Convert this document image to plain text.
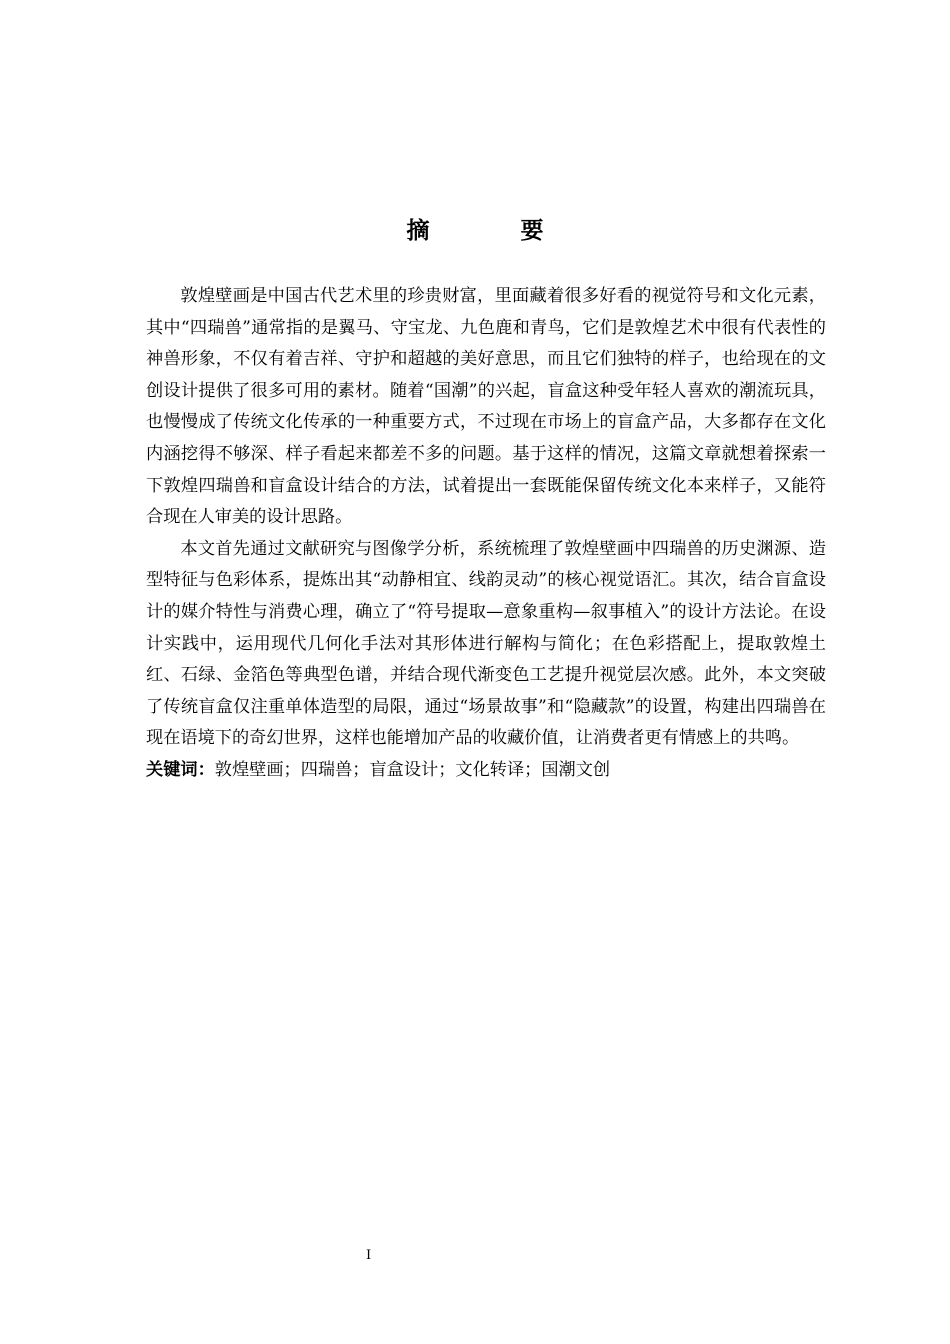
摘　要

敦煌壁画是中国古代艺术里的珍贵财富，里面藏着很多好看的视觉符号和文化元素，其中“四瑞兽”通常指的是翼马、守宝龙、九色鹿和青鸟，它们是敦煌艺术中很有代表性的神兽形象，不仅有着吉祥、守护和超越的美好意思，而且它们独特的样子，也给现在的文创设计提供了很多可用的素材。随着“国潮”的兴起，盲盒这种受年轻人喜欢的潮流玩具，也慢慢成了传统文化传承的一种重要方式，不过现在市场上的盲盒产品，大多都存在文化内涵挖得不够深、样子看起来都差不多的问题。基于这样的情况，这篇文章就想着探索一下敦煌四瑞兽和盲盒设计结合的方法，试着提出一套既能保留传统文化本来样子，又能符合现在人审美的设计思路。

本文首先通过文献研究与图像学分析，系统梳理了敦煌壁画中四瑞兽的历史渊源、造型特征与色彩体系，提炼出其“动静相宜、线韵灵动”的核心视觉语汇。其次，结合盲盒设计的媒介特性与消费心理，确立了“符号提取—意象重构—叙事植入”的设计方法论。在设计实践中，运用现代几何化手法对其形体进行解构与简化；在色彩搭配上，提取敦煌土红、石绿、金箔色等典型色谱，并结合现代渐变色工艺提升视觉层次感。此外，本文突破了传统盲盒仅注重单体造型的局限，通过“场景故事”和“隐藏款”的设置，构建出四瑞兽在现在语境下的奇幻世界，这样也能增加产品的收藏价值，让消费者更有情感上的共鸣。

关键词：敦煌壁画；四瑞兽；盲盒设计；文化转译；国潮文创

I
